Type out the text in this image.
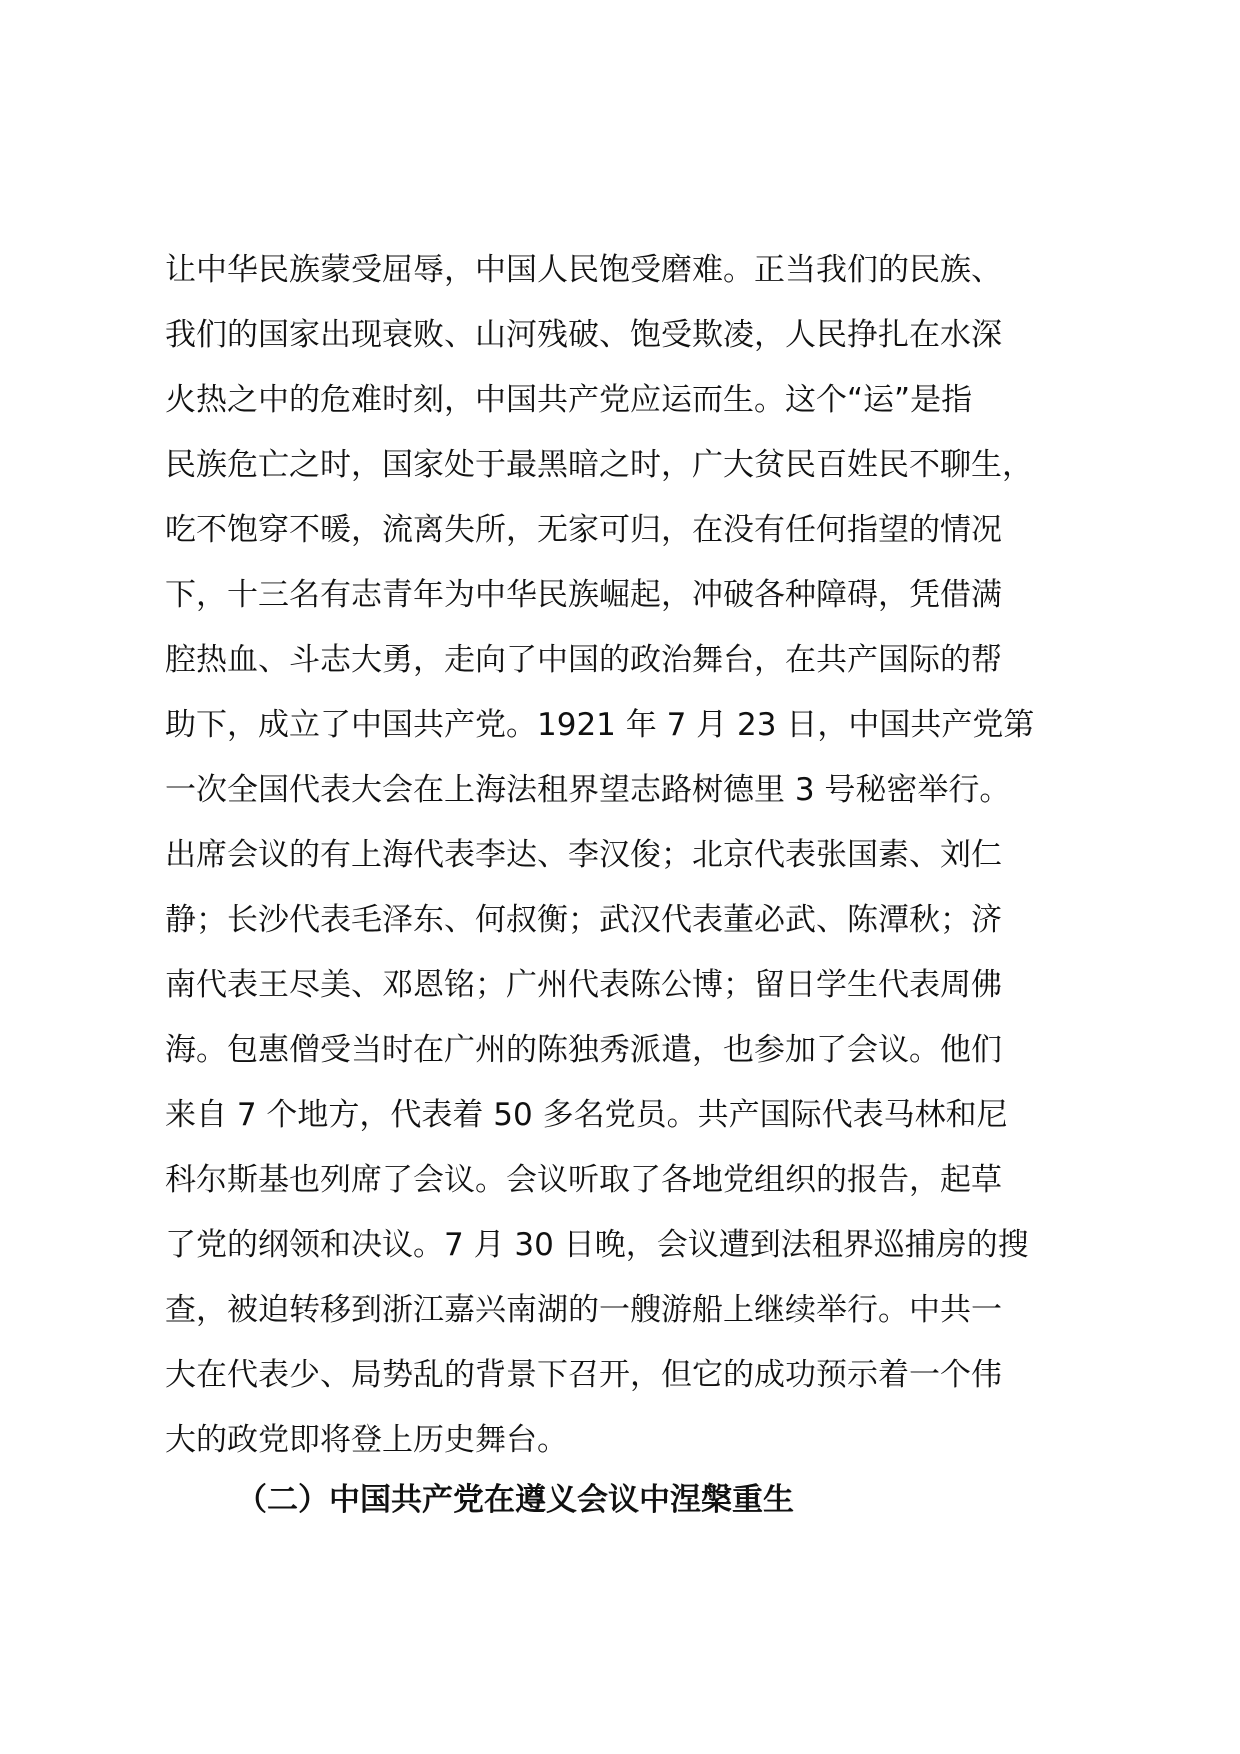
让中华民族蒙受屈辱，中国人民饱受磨难。正当我们的民族、
我们的国家出现衰败、山河残破、饱受欺凌，人民挣扎在水深
火热之中的危难时刻，中国共产党应运而生。这个“运”是指
民族危亡之时，国家处于最黑暗之时，广大贫民百姓民不聊生，
吃不饱穿不暖，流离失所，无家可归，在没有任何指望的情况
下，十三名有志青年为中华民族崛起，冲破各种障碍，凭借满
腔热血、斗志大勇，走向了中国的政治舞台，在共产国际的帮
助下，成立了中国共产党。1921 年 7 月 23 日，中国共产党第
一次全国代表大会在上海法租界望志路树德里 3 号秘密举行。
出席会议的有上海代表李达、李汉俊；北京代表张国素、刘仁
静；长沙代表毛泽东、何叔衡；武汉代表董必武、陈潭秋；济
南代表王尽美、邓恩铭；广州代表陈公博；留日学生代表周佛
海。包惠僧受当时在广州的陈独秀派遣，也参加了会议。他们
来自 7 个地方，代表着 50 多名党员。共产国际代表马林和尼
科尔斯基也列席了会议。会议听取了各地党组织的报告，起草
了党的纲领和决议。7 月 30 日晚，会议遭到法租界巡捕房的搜
查，被迫转移到浙江嘉兴南湖的一艘游船上继续举行。中共一
大在代表少、局势乱的背景下召开，但它的成功预示着一个伟
大的政党即将登上历史舞台。
（二）中国共产党在遵义会议中涅槃重生
